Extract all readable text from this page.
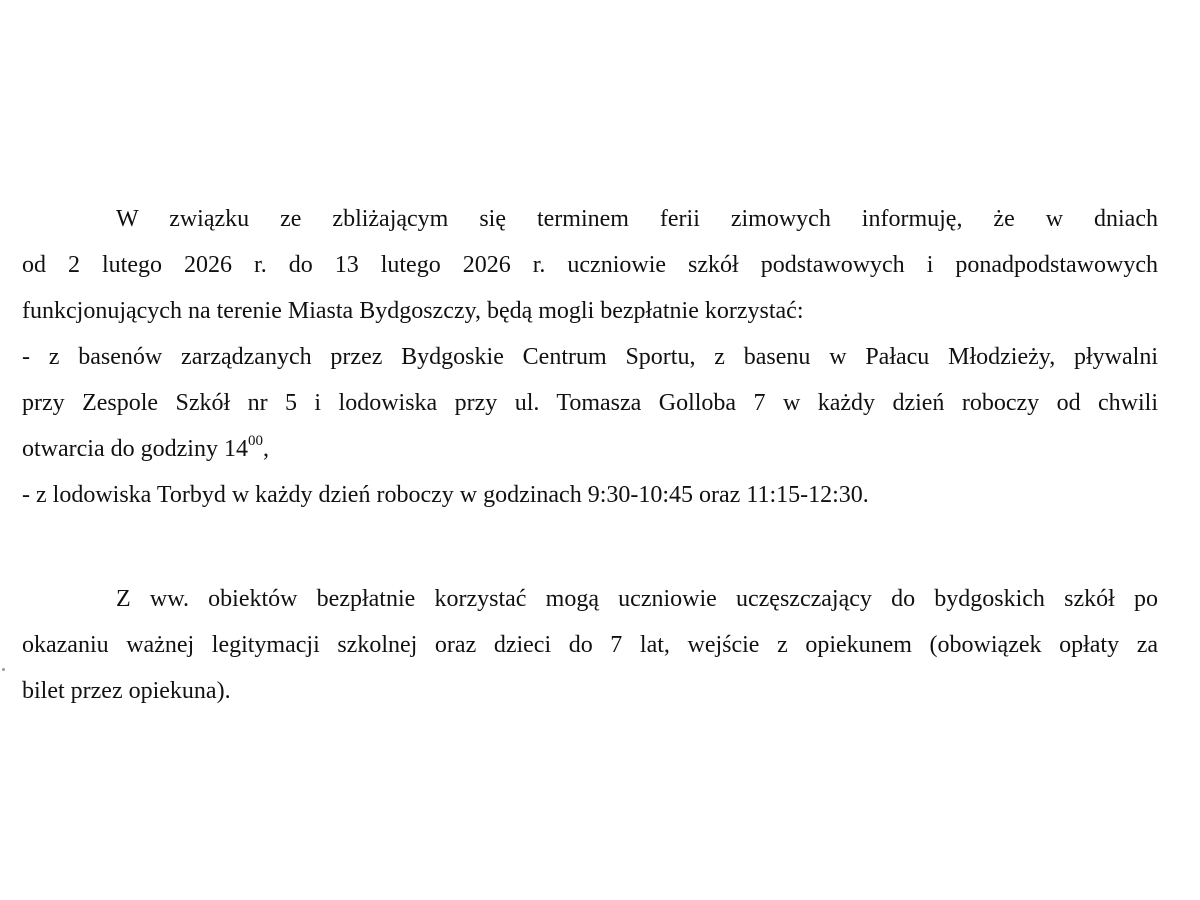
W związku ze zbliżającym się terminem ferii zimowych informuję, że w dniach
od 2 lutego 2026 r. do 13 lutego 2026 r. uczniowie szkół podstawowych i ponadpodstawowych
funkcjonujących na terenie Miasta Bydgoszczy, będą mogli bezpłatnie korzystać:
- z basenów zarządzanych przez Bydgoskie Centrum Sportu, z basenu w Pałacu Młodzieży, pływalni
przy Zespole Szkół nr 5 i lodowiska przy ul. Tomasza Golloba 7 w każdy dzień roboczy od chwili
otwarcia do godziny $14^{00}$,
- z lodowiska Torbyd w każdy dzień roboczy w godzinach 9:30-10:45 oraz 11:15-12:30.
Z ww. obiektów bezpłatnie korzystać mogą uczniowie uczęszczający do bydgoskich szkół po
okazaniu ważnej legitymacji szkolnej oraz dzieci do 7 lat, wejście z opiekunem (obowiązek opłaty za
bilet przez opiekuna).
